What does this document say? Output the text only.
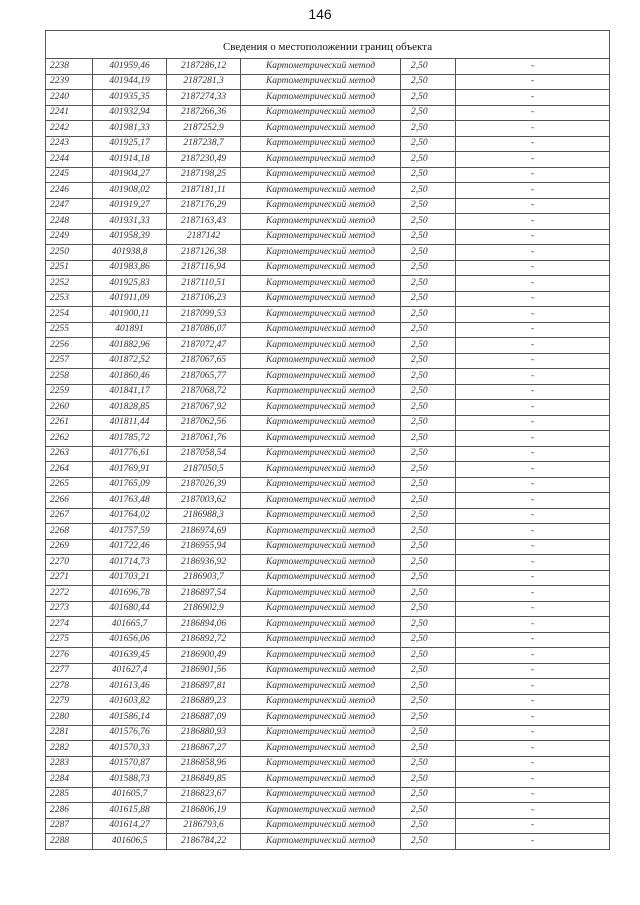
146

Сведения о местоположении границ объекта					
2238	401959,46	2187286,12	Картометрический метод	2,50	-
2239	401944,19	2187281,3	Картометрический метод	2,50	-
2240	401935,35	2187274,33	Картометрический метод	2,50	-
2241	401932,94	2187266,36	Картометрический метод	2,50	-
2242	401981,33	2187252,9	Картометрический метод	2,50	-
2243	401925,17	2187238,7	Картометрический метод	2,50	-
2244	401914,18	2187230,49	Картометрический метод	2,50	-
2245	401904,27	2187198,25	Картометрический метод	2,50	-
2246	401908,02	2187181,11	Картометрический метод	2,50	-
2247	401919,27	2187176,29	Картометрический метод	2,50	-
2248	401931,33	2187163,43	Картометрический метод	2,50	-
2249	401958,39	2187142	Картометрический метод	2,50	-
2250	401938,8	2187126,38	Картометрический метод	2,50	-
2251	401983,86	2187116,94	Картометрический метод	2,50	-
2252	401925,83	2187110,51	Картометрический метод	2,50	-
2253	401911,09	2187106,23	Картометрический метод	2,50	-
2254	401900,11	2187099,53	Картометрический метод	2,50	-
2255	401891	2187086,07	Картометрический метод	2,50	-
2256	401882,96	2187072,47	Картометрический метод	2,50	-
2257	401872,52	2187067,65	Картометрический метод	2,50	-
2258	401860,46	2187065,77	Картометрический метод	2,50	-
2259	401841,17	2187068,72	Картометрический метод	2,50	-
2260	401828,85	2187067,92	Картометрический метод	2,50	-
2261	401811,44	2187062,56	Картометрический метод	2,50	-
2262	401785,72	2187061,76	Картометрический метод	2,50	-
2263	401776,61	2187058,54	Картометрический метод	2,50	-
2264	401769,91	2187050,5	Картометрический метод	2,50	-
2265	401765,09	2187026,39	Картометрический метод	2,50	-
2266	401763,48	2187003,62	Картометрический метод	2,50	-
2267	401764,02	2186988,3	Картометрический метод	2,50	-
2268	401757,59	2186974,69	Картометрический метод	2,50	-
2269	401722,46	2186955,94	Картометрический метод	2,50	-
2270	401714,73	2186936,92	Картометрический метод	2,50	-
2271	401703,21	2186903,7	Картометрический метод	2,50	-
2272	401696,78	2186897,54	Картометрический метод	2,50	-
2273	401680,44	2186902,9	Картометрический метод	2,50	-
2274	401665,7	2186894,06	Картометрический метод	2,50	-
2275	401656,06	2186892,72	Картометрический метод	2,50	-
2276	401639,45	2186900,49	Картометрический метод	2,50	-
2277	401627,4	2186901,56	Картометрический метод	2,50	-
2278	401613,46	2186897,81	Картометрический метод	2,50	-
2279	401603,82	2186889,23	Картометрический метод	2,50	-
2280	401586,14	2186887,09	Картометрический метод	2,50	-
2281	401576,76	2186880,93	Картометрический метод	2,50	-
2282	401570,33	2186867,27	Картометрический метод	2,50	-
2283	401570,87	2186858,96	Картометрический метод	2,50	-
2284	401588,73	2186849,85	Картометрический метод	2,50	-
2285	401605,7	2186823,67	Картометрический метод	2,50	-
2286	401615,88	2186806,19	Картометрический метод	2,50	-
2287	401614,27	2186793,6	Картометрический метод	2,50	-
2288	401606,5	2186784,22	Картометрический метод	2,50	-
